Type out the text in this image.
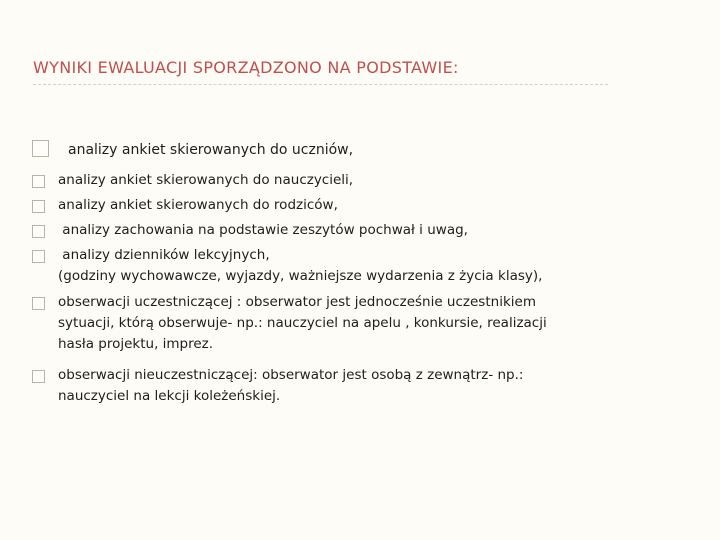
WYNIKI EWALUACJI SPORZĄDZONO NA PODSTAWIE:
analizy ankiet skierowanych do uczniów,
analizy ankiet skierowanych do nauczycieli,
analizy ankiet skierowanych do rodziców,
analizy zachowania na podstawie zeszytów pochwał i uwag,
analizy dzienników lekcyjnych,
(godziny wychowawcze, wyjazdy, ważniejsze wydarzenia z życia klasy),
obserwacji uczestniczącej : obserwator jest jednocześnie uczestnikiem
sytuacji, którą obserwuje- np.: nauczyciel na apelu , konkursie, realizacji
hasła projektu, imprez.
obserwacji nieuczestniczącej: obserwator jest osobą z zewnątrz- np.:
nauczyciel na lekcji koleżeńskiej.
